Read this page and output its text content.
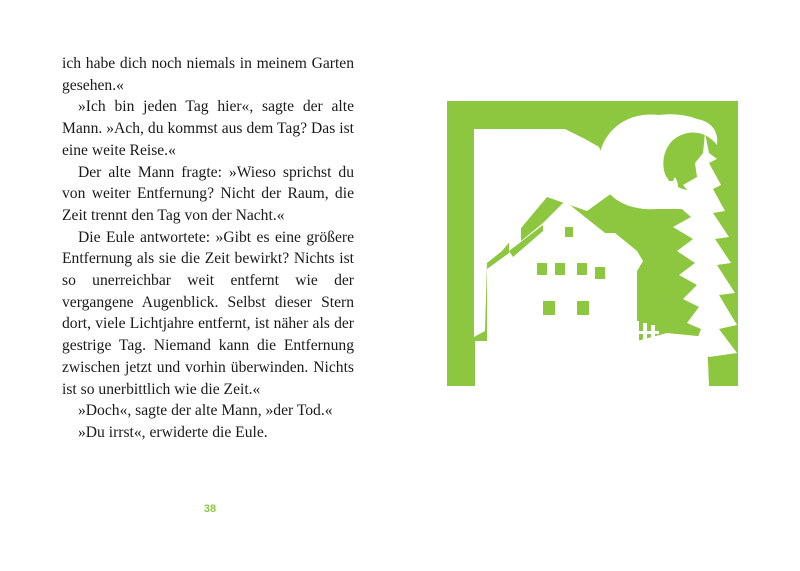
ich habe dich noch niemals in meinem Garten gesehen.«

»Ich bin jeden Tag hier«, sagte der alte Mann. »Ach, du kommst aus dem Tag? Das ist eine weite Reise.«

Der alte Mann fragte: »Wieso sprichst du von weiter Entfernung? Nicht der Raum, die Zeit trennt den Tag von der Nacht.«

Die Eule antwortete: »Gibt es eine größere Entfernung als sie die Zeit bewirkt? Nichts ist so unerreichbar weit entfernt wie der vergangene Augenblick. Selbst dieser Stern dort, viele Lichtjahre entfernt, ist näher als der gestrige Tag. Niemand kann die Entfernung zwischen jetzt und vorhin überwinden. Nichts ist so unerbittlich wie die Zeit.«

»Doch«, sagte der alte Mann, »der Tod.«

»Du irrst«, erwiderte die Eule.

38
